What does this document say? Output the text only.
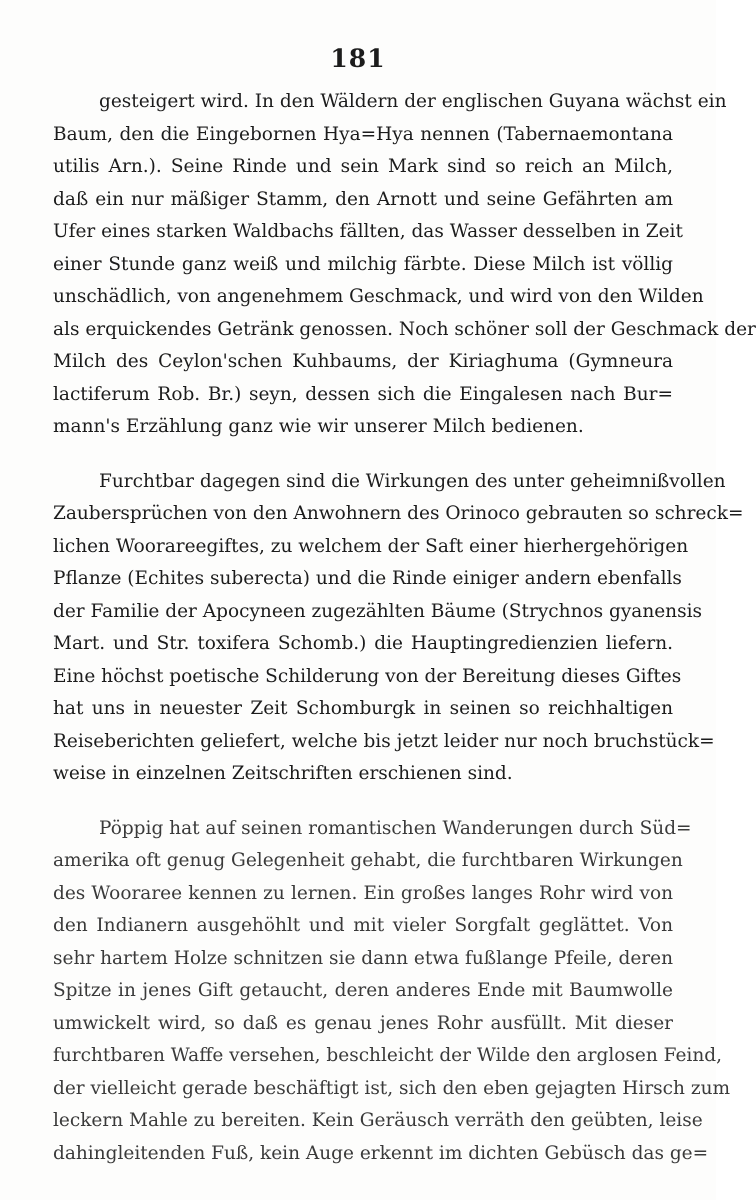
181
gesteigert wird. In den Wäldern der englischen Guyana wächst ein
Baum, den die Eingebornen Hya=Hya nennen (Tabernaemontana
utilis Arn.). Seine Rinde und sein Mark sind so reich an Milch,
daß ein nur mäßiger Stamm, den Arnott und seine Gefährten am
Ufer eines starken Waldbachs fällten, das Wasser desselben in Zeit
einer Stunde ganz weiß und milchig färbte. Diese Milch ist völlig
unschädlich, von angenehmem Geschmack, und wird von den Wilden
als erquickendes Getränk genossen. Noch schöner soll der Geschmack der
Milch des Ceylon'schen Kuhbaums, der Kiriaghuma (Gymneura
lactiferum Rob. Br.) seyn, dessen sich die Eingalesen nach Bur=
mann's Erzählung ganz wie wir unserer Milch bedienen.
Furchtbar dagegen sind die Wirkungen des unter geheimnißvollen
Zaubersprüchen von den Anwohnern des Orinoco gebrauten so schreck=
lichen Woorareegiftes, zu welchem der Saft einer hierhergehörigen
Pflanze (Echites suberecta) und die Rinde einiger andern ebenfalls
der Familie der Apocyneen zugezählten Bäume (Strychnos gyanensis
Mart. und Str. toxifera Schomb.) die Hauptingredienzien liefern.
Eine höchst poetische Schilderung von der Bereitung dieses Giftes
hat uns in neuester Zeit Schomburgk in seinen so reichhaltigen
Reiseberichten geliefert, welche bis jetzt leider nur noch bruchstück=
weise in einzelnen Zeitschriften erschienen sind.
Pöppig hat auf seinen romantischen Wanderungen durch Süd=
amerika oft genug Gelegenheit gehabt, die furchtbaren Wirkungen
des Woorarее kennen zu lernen. Ein großes langes Rohr wird von
den Indianern ausgehöhlt und mit vieler Sorgfalt geglättet. Von
sehr hartem Holze schnitzen sie dann etwa fußlange Pfeile, deren
Spitze in jenes Gift getaucht, deren anderes Ende mit Baumwolle
umwickelt wird, so daß es genau jenes Rohr ausfüllt. Mit dieser
furchtbaren Waffe versehen, beschleicht der Wilde den arglosen Feind,
der vielleicht gerade beschäftigt ist, sich den eben gejagten Hirsch zum
leckern Mahle zu bereiten. Kein Geräusch verräth den geübten, leise
dahingleitenden Fuß, kein Auge erkennt im dichten Gebüsch das ge=
